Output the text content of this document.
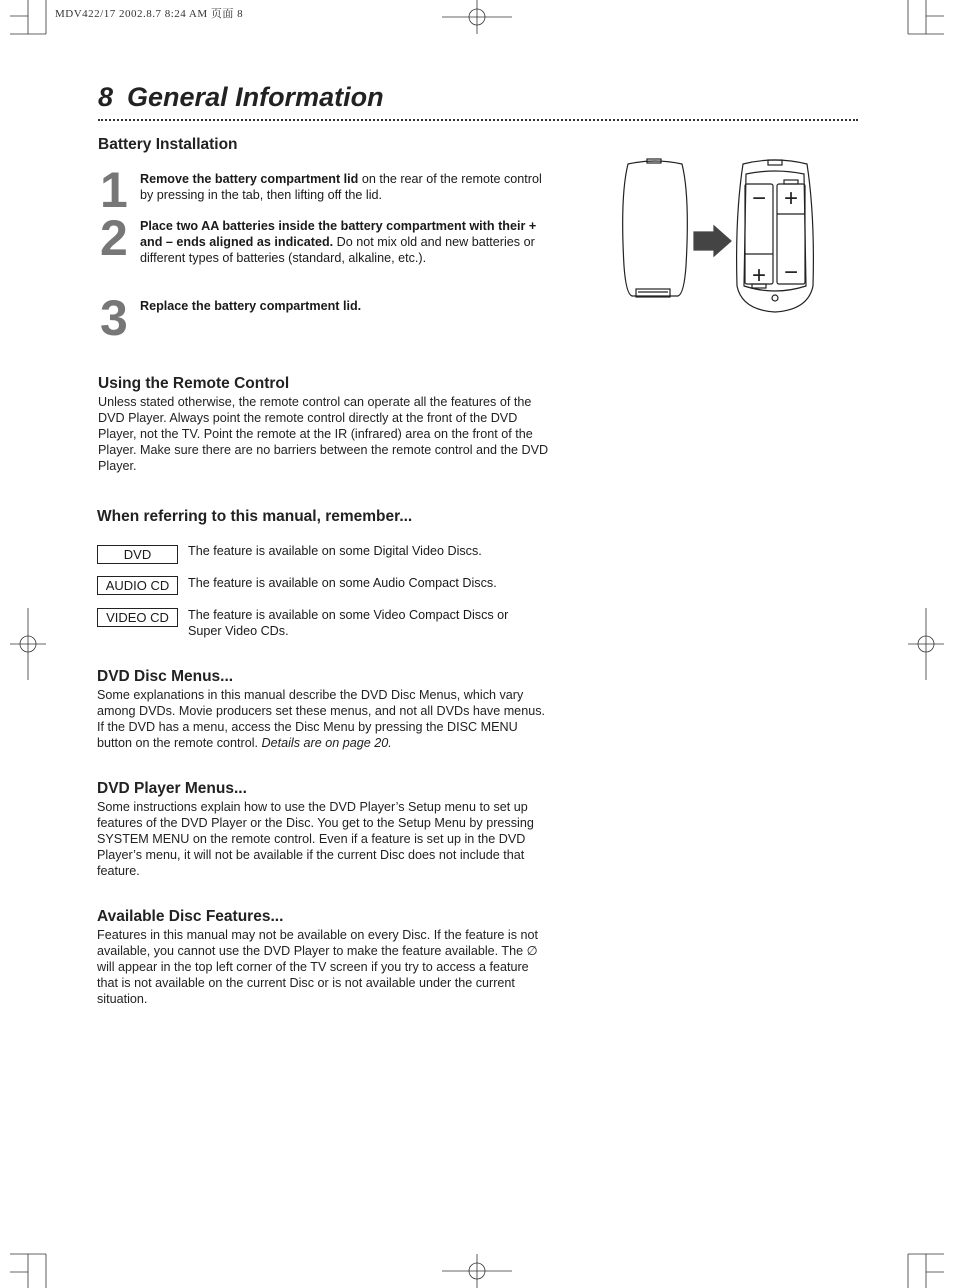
MDV422/17 2002.8.7 8:24 AM 页面 8
8 General Information
Battery Installation
1 Remove the battery compartment lid on the rear of the remote control by pressing in the tab, then lifting off the lid.
2 Place two AA batteries inside the battery compartment with their + and – ends aligned as indicated. Do not mix old and new batteries or different types of batteries (standard, alkaline, etc.).
3 Replace the battery compartment lid.
−
+
+
−
Using the Remote Control
Unless stated otherwise, the remote control can operate all the features of the DVD Player. Always point the remote control directly at the front of the DVD Player, not the TV. Point the remote at the IR (infrared) area on the front of the Player. Make sure there are no barriers between the remote control and the DVD Player.
When referring to this manual, remember...
DVD	The feature is available on some Digital Video Discs.
AUDIO CD	The feature is available on some Audio Compact Discs.
VIDEO CD	The feature is available on some Video Compact Discs or Super Video CDs.
DVD Disc Menus...
Some explanations in this manual describe the DVD Disc Menus, which vary among DVDs. Movie producers set these menus, and not all DVDs have menus. If the DVD has a menu, access the Disc Menu by pressing the DISC MENU button on the remote control. Details are on page 20.
DVD Player Menus...
Some instructions explain how to use the DVD Player’s Setup menu to set up features of the DVD Player or the Disc. You get to the Setup Menu by pressing SYSTEM MENU on the remote control. Even if a feature is set up in the DVD Player’s menu, it will not be available if the current Disc does not include that feature.
Available Disc Features...
Features in this manual may not be available on every Disc. If the feature is not available, you cannot use the DVD Player to make the feature available. The ∅ will appear in the top left corner of the TV screen if you try to access a feature that is not available on the current Disc or is not available under the current situation.
